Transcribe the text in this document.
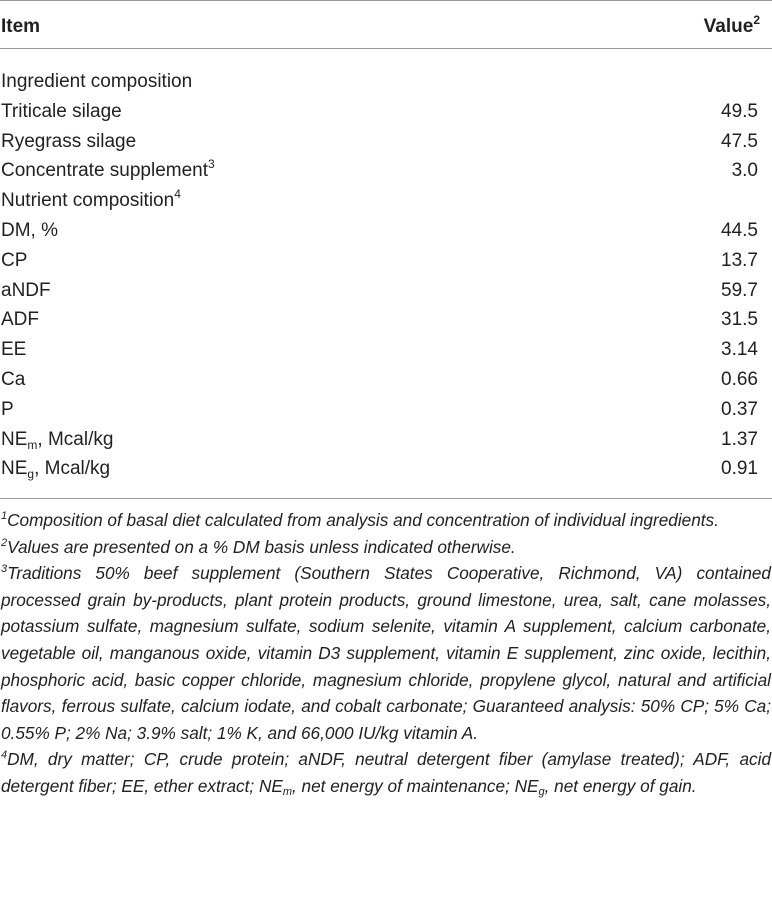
Item	Value$^2$
Ingredient composition
Triticale silage	49.5
Ryegrass silage	47.5
Concentrate supplement$^3$	3.0
Nutrient composition$^4$
DM, %	44.5
CP	13.7
aNDF	59.7
ADF	31.5
EE	3.14
Ca	0.66
P	0.37
$NE_m$, Mcal/kg	1.37
$NE_g$, Mcal/kg	0.91

$^1$Composition of basal diet calculated from analysis and concentration of individual ingredients.

$^2$Values are presented on a % DM basis unless indicated otherwise.

$^3$Traditions 50% beef supplement (Southern States Cooperative, Richmond, VA) contained processed grain by-products, plant protein products, ground limestone, urea, salt, cane molasses, potassium sulfate, magnesium sulfate, sodium selenite, vitamin A supplement, calcium carbonate, vegetable oil, manganous oxide, vitamin D3 supplement, vitamin E supplement, zinc oxide, lecithin, phosphoric acid, basic copper chloride, magnesium chloride, propylene glycol, natural and artificial flavors, ferrous sulfate, calcium iodate, and cobalt carbonate; Guaranteed analysis: 50% CP; 5% Ca; 0.55% P; 2% Na; 3.9% salt; 1% K, and 66,000 IU/kg vitamin A.

$^4$DM, dry matter; CP, crude protein; aNDF, neutral detergent fiber (amylase treated); ADF, acid detergent fiber; EE, ether extract; $NE_m$, net energy of maintenance; $NE_g$, net energy of gain.
